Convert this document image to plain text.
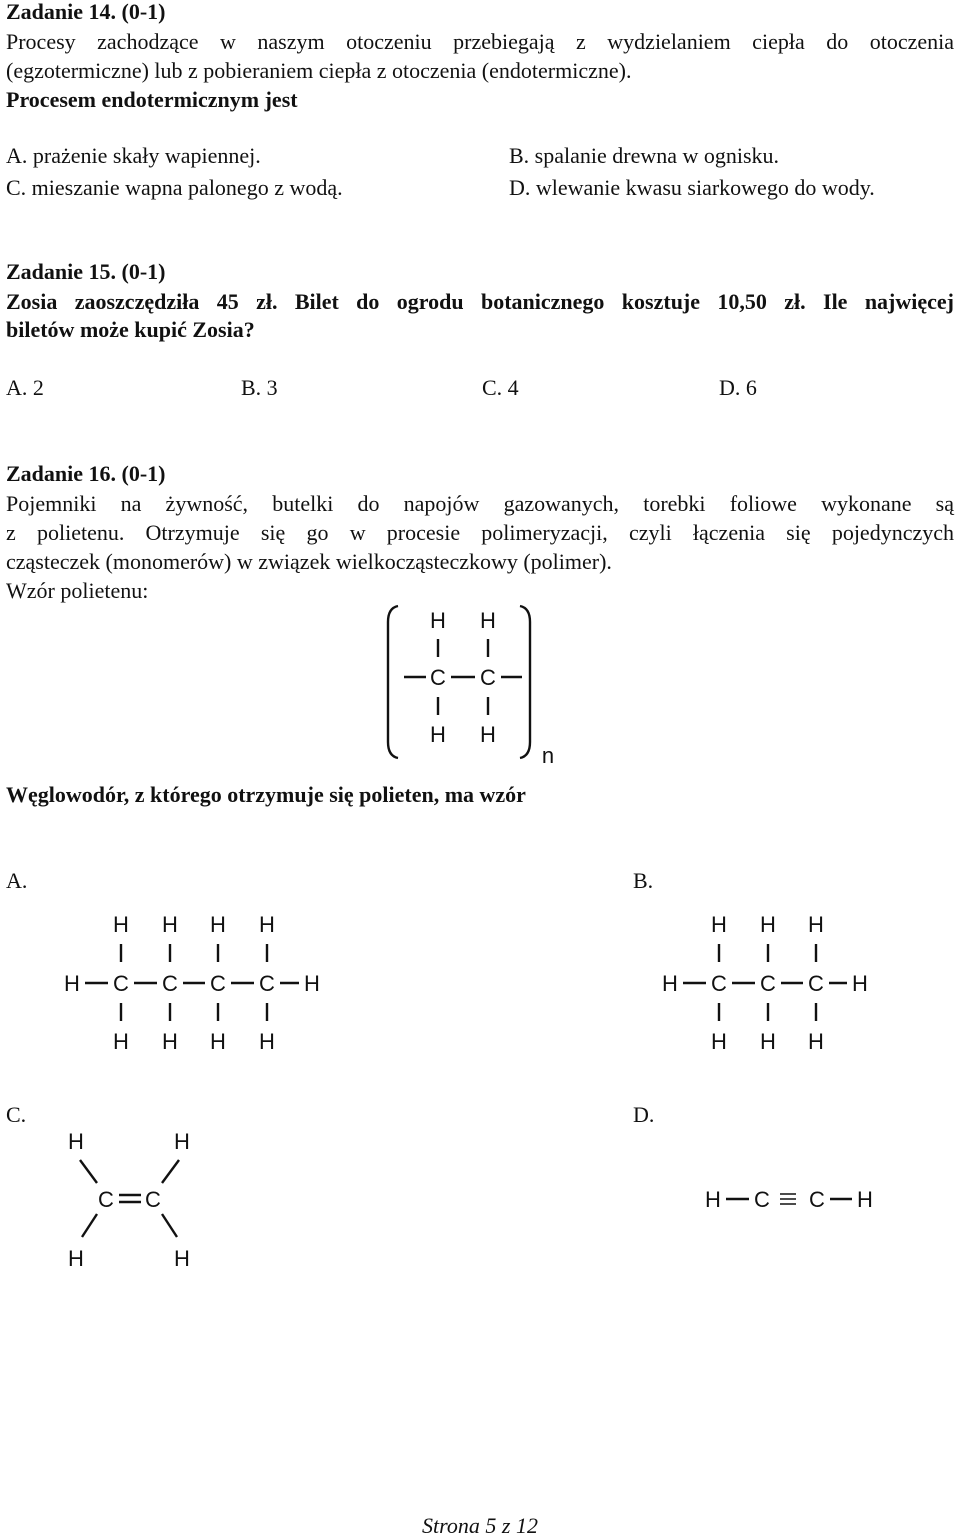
Zadanie 14. (0-1)
Procesy zachodzące w naszym otoczeniu przebiegają z wydzielaniem ciepła do otoczenia
(egzotermiczne) lub z pobieraniem ciepła z otoczenia (endotermiczne).
Procesem endotermicznym jest
A. prażenie skały wapiennej.	B. spalanie drewna w ognisku.
C. mieszanie wapna palonego z wodą.	D. wlewanie kwasu siarkowego do wody.
Zadanie 15. (0-1)
Zosia zaoszczędziła 45 zł. Bilet do ogrodu botanicznego kosztuje 10,50 zł. Ile najwięcej
biletów może kupić Zosia?
A. 2	B. 3	C. 4	D. 6
Zadanie 16. (0-1)
Pojemniki na żywność, butelki do napojów gazowanych, torebki foliowe wykonane są
z polietenu. Otrzymuje się go w procesie polimeryzacji, czyli łączenia się pojedynczych
cząsteczek (monomerów) w związek wielkocząsteczkowy (polimer).
Wzór polietenu:
H H
C C
H H
n
Węglowodór, z którego otrzymuje się polieten, ma wzór
A.
H H H H
H C C C C H
H H H H
B.
H H H
H C C C H
H H H
C.
H	H
C C
H	H
D.
H C C H
Strona 5 z 12
